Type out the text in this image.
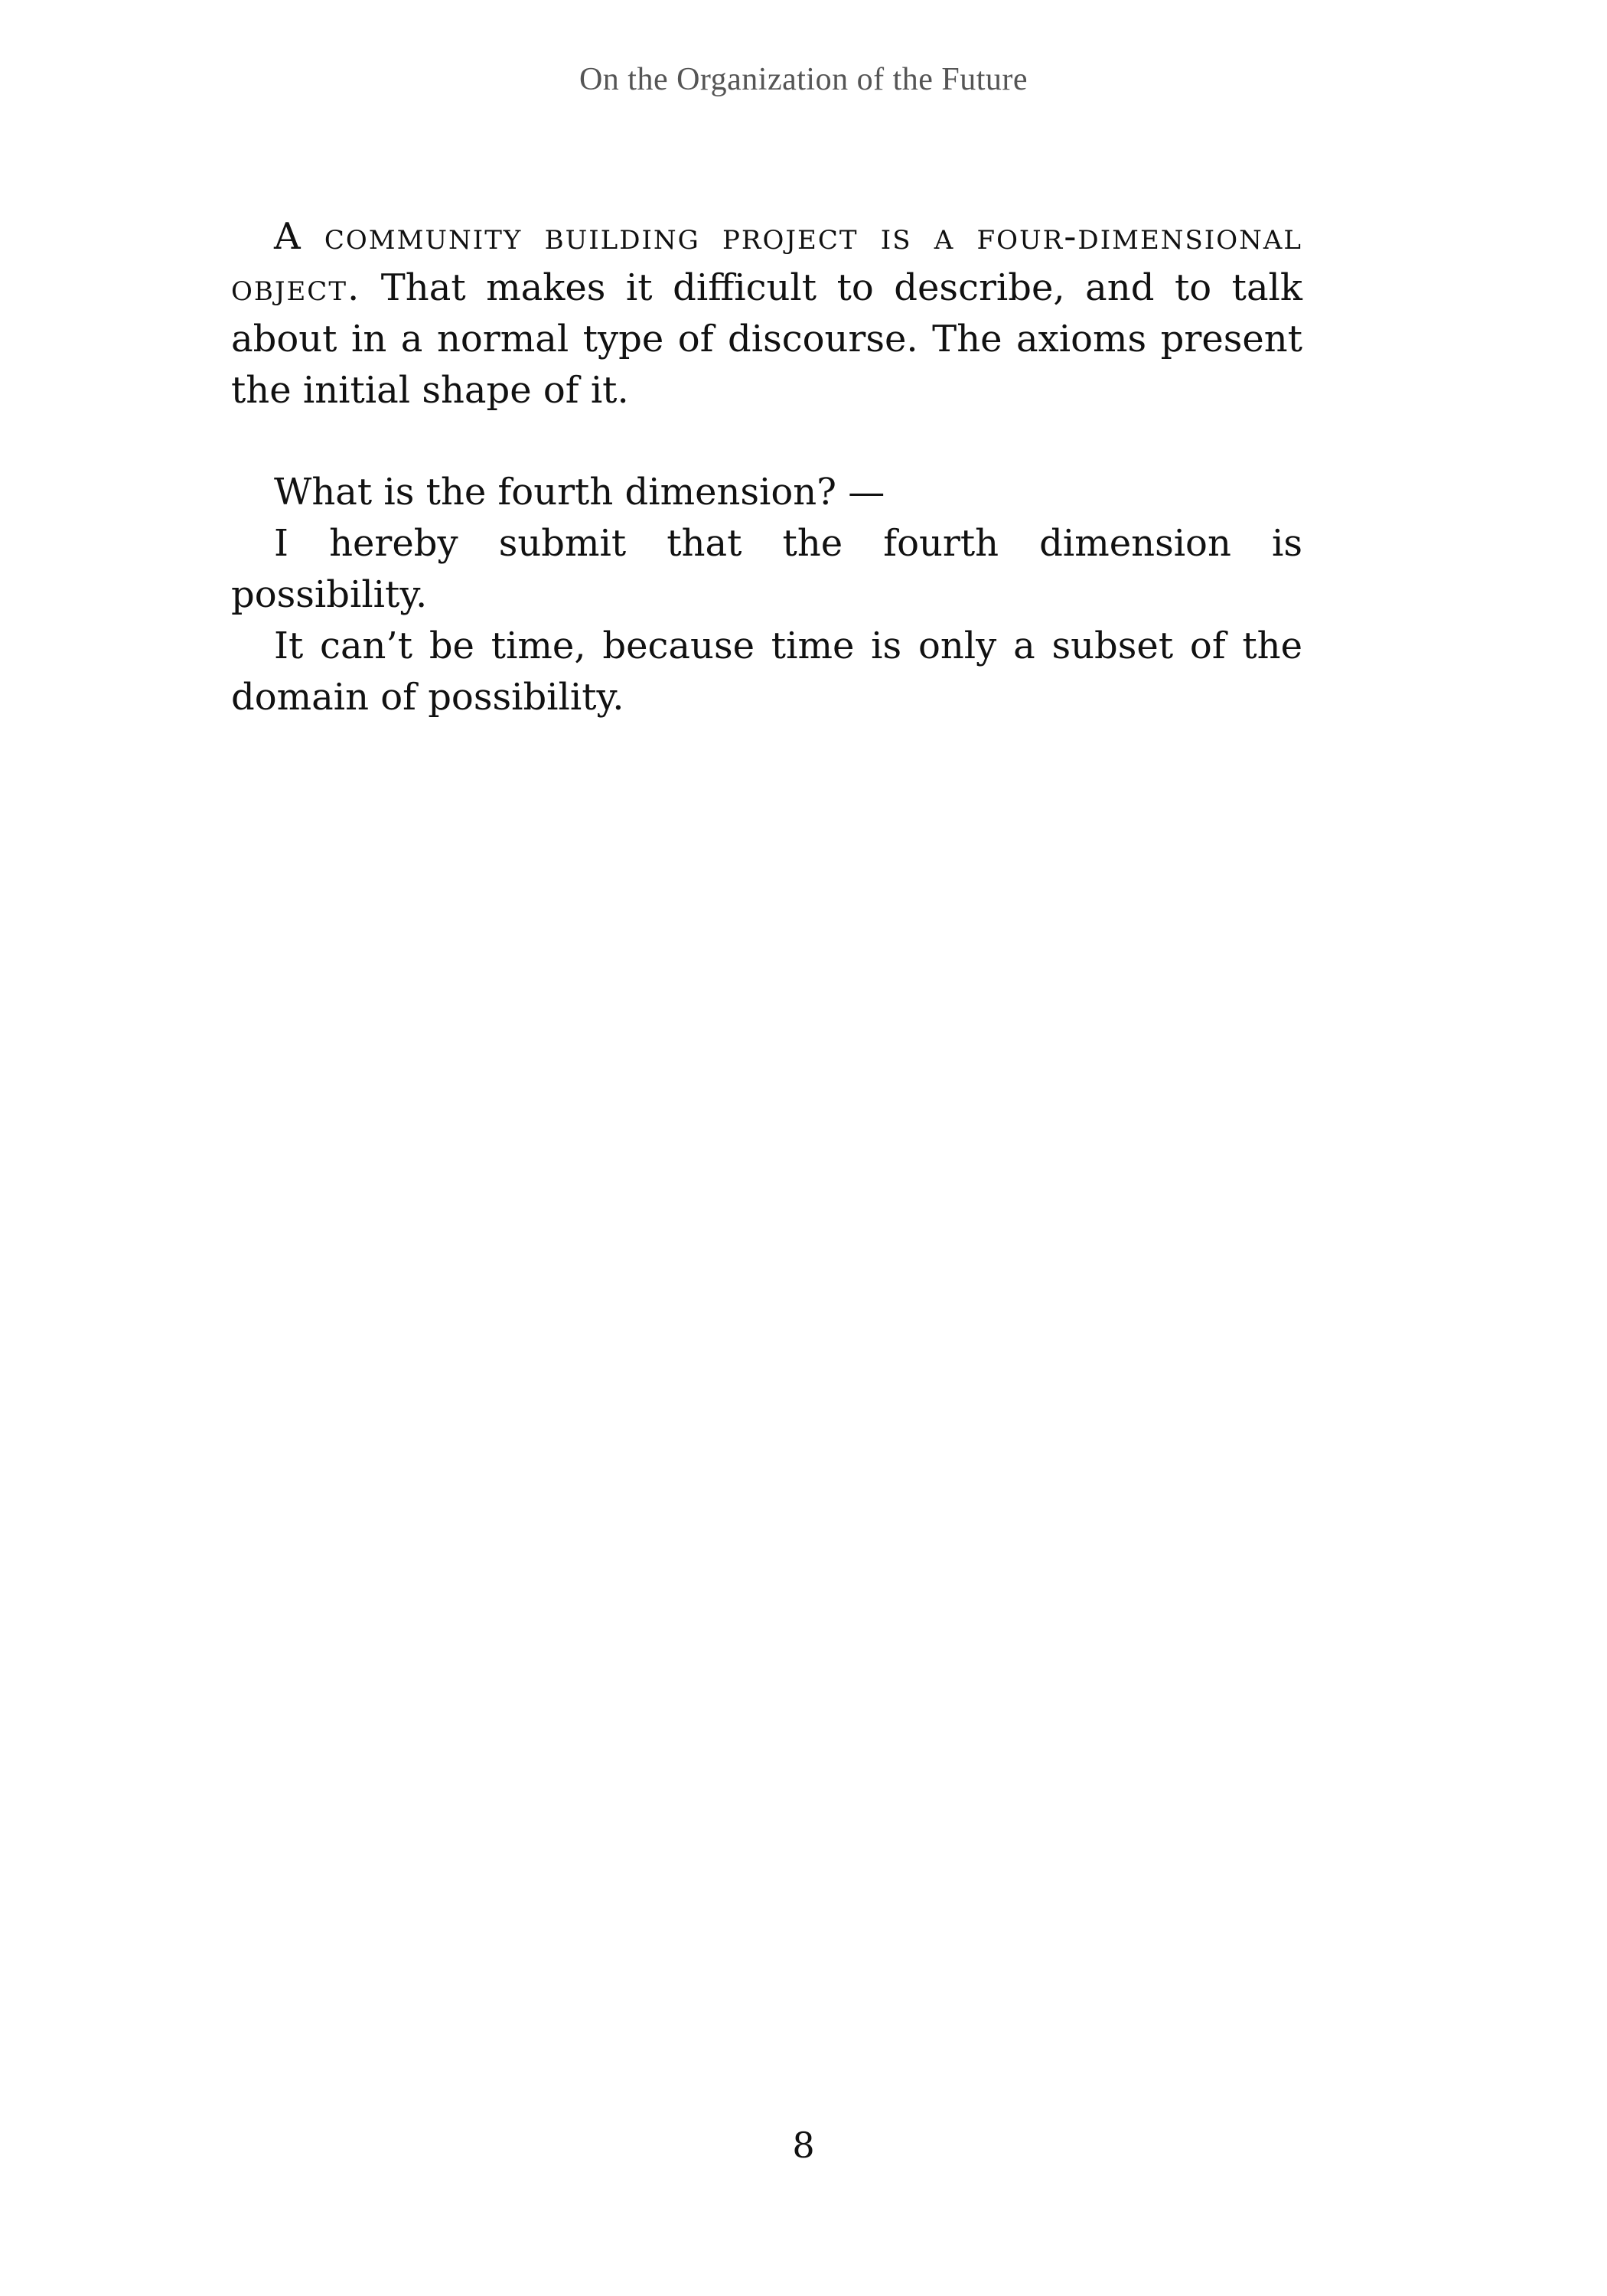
On the Organization of the Future

A community building project is a four-dimensional object. That makes it difficult to describe, and to talk about in a normal type of discourse. The axioms present the initial shape of it.

What is the fourth dimension? —

I hereby submit that the fourth dimension is possibility.

It can’t be time, because time is only a subset of the domain of possibility.

8
